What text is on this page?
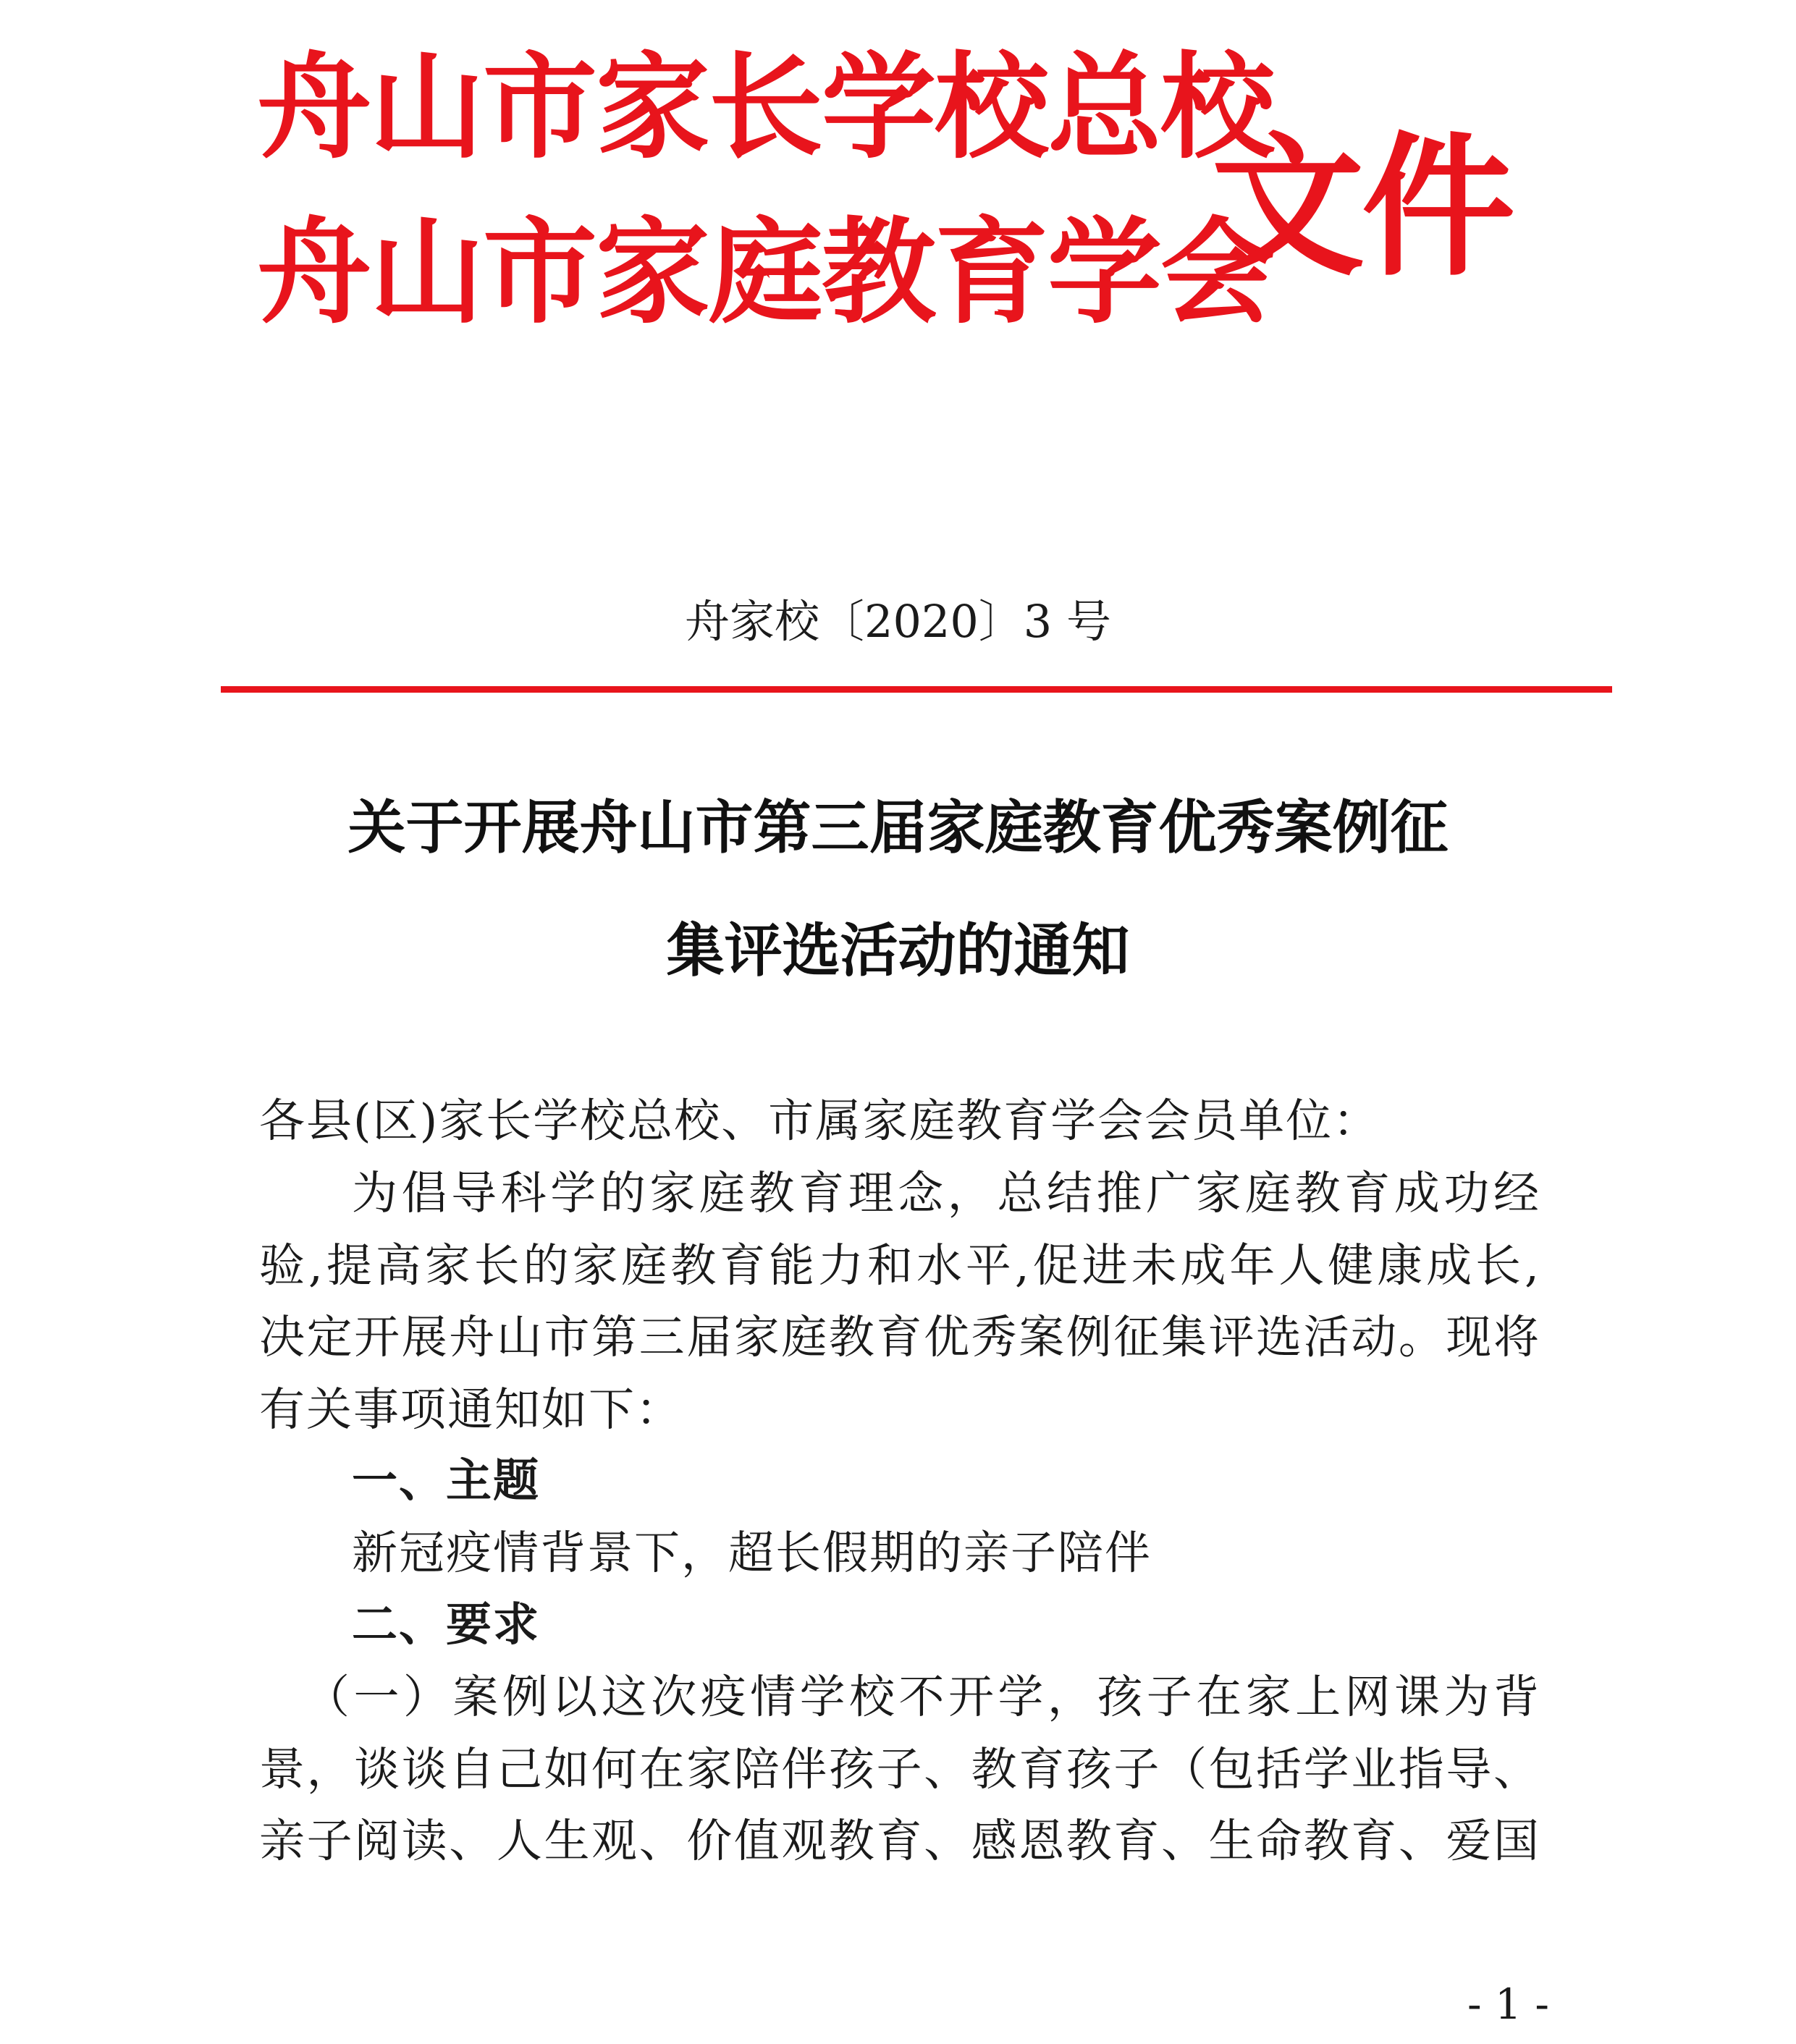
舟山市家长学校总校
舟山市家庭教育学会
文件
舟家校〔2020〕3 号
关于开展舟山市第三届家庭教育优秀案例征
集评选活动的通知
各县(区)家长学校总校、市属家庭教育学会会员单位：
为倡导科学的家庭教育理念，总结推广家庭教育成功经
验,提高家长的家庭教育能力和水平,促进未成年人健康成长,
决定开展舟山市第三届家庭教育优秀案例征集评选活动。现将
有关事项通知如下：
一、主题
新冠疫情背景下，超长假期的亲子陪伴
二、要求
（一）案例以这次疫情学校不开学，孩子在家上网课为背
景，谈谈自己如何在家陪伴孩子、教育孩子（包括学业指导、
亲子阅读、人生观、价值观教育、感恩教育、生命教育、爱国
- 1 -
